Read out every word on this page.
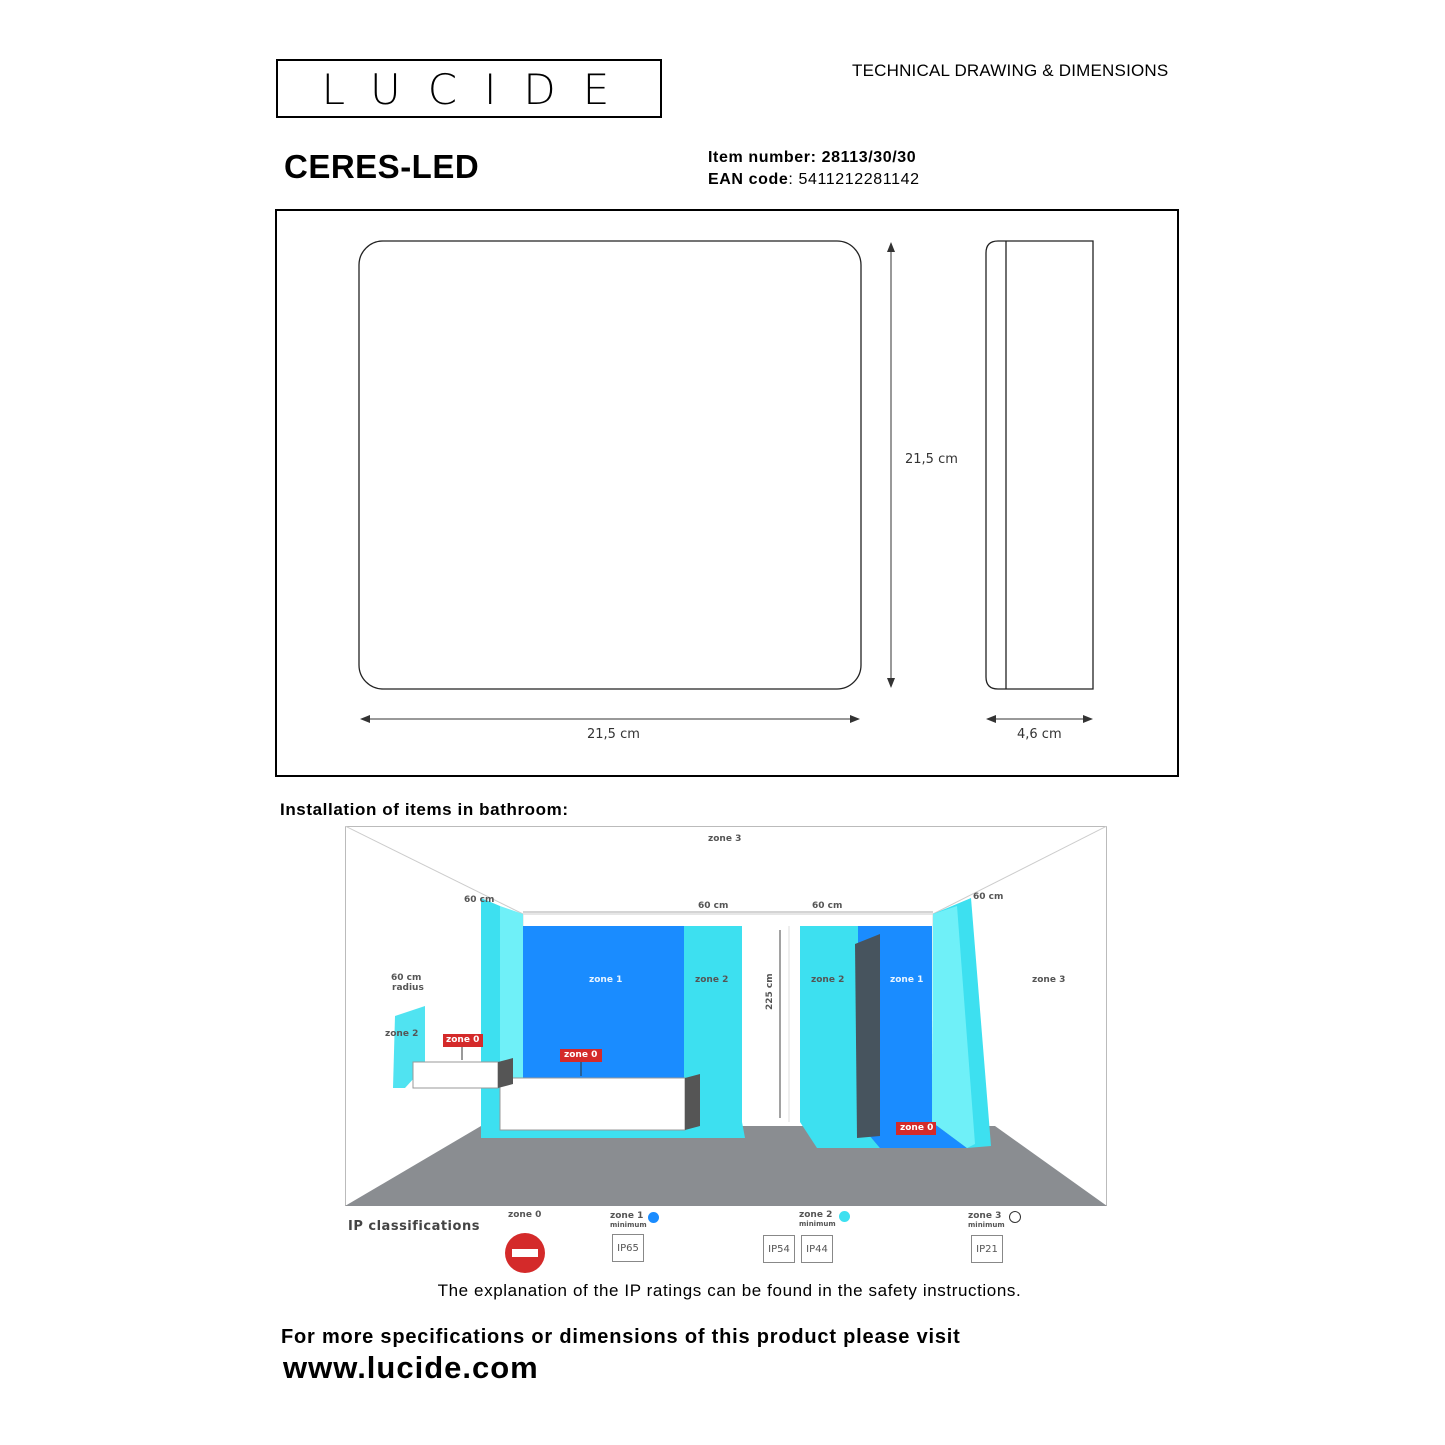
LUCIDE	TECHNICAL DRAWING & DIMENSIONS
CERES-LED	Item number: 28113/30/30
EAN code: 5411212281142
21,5 cm
21,5 cm	4,6 cm
Installation of items in bathroom:
zone 3
zone 3
zone 1	zone 1
zone 2	zone 2
zone 2
zone 0
zone 0
zone 0
60 cm
60 cm	60 cm
60 cm
60 cm
radius	225 cm
IP classifications
zone 0	zone 1
minimum
IP65
zone 2
minimum
IP54	IP44
zone 3
minimum
IP21
The explanation of the IP ratings can be found in the safety instructions.
For more specifications or dimensions of this product please visit
www.lucide.com
